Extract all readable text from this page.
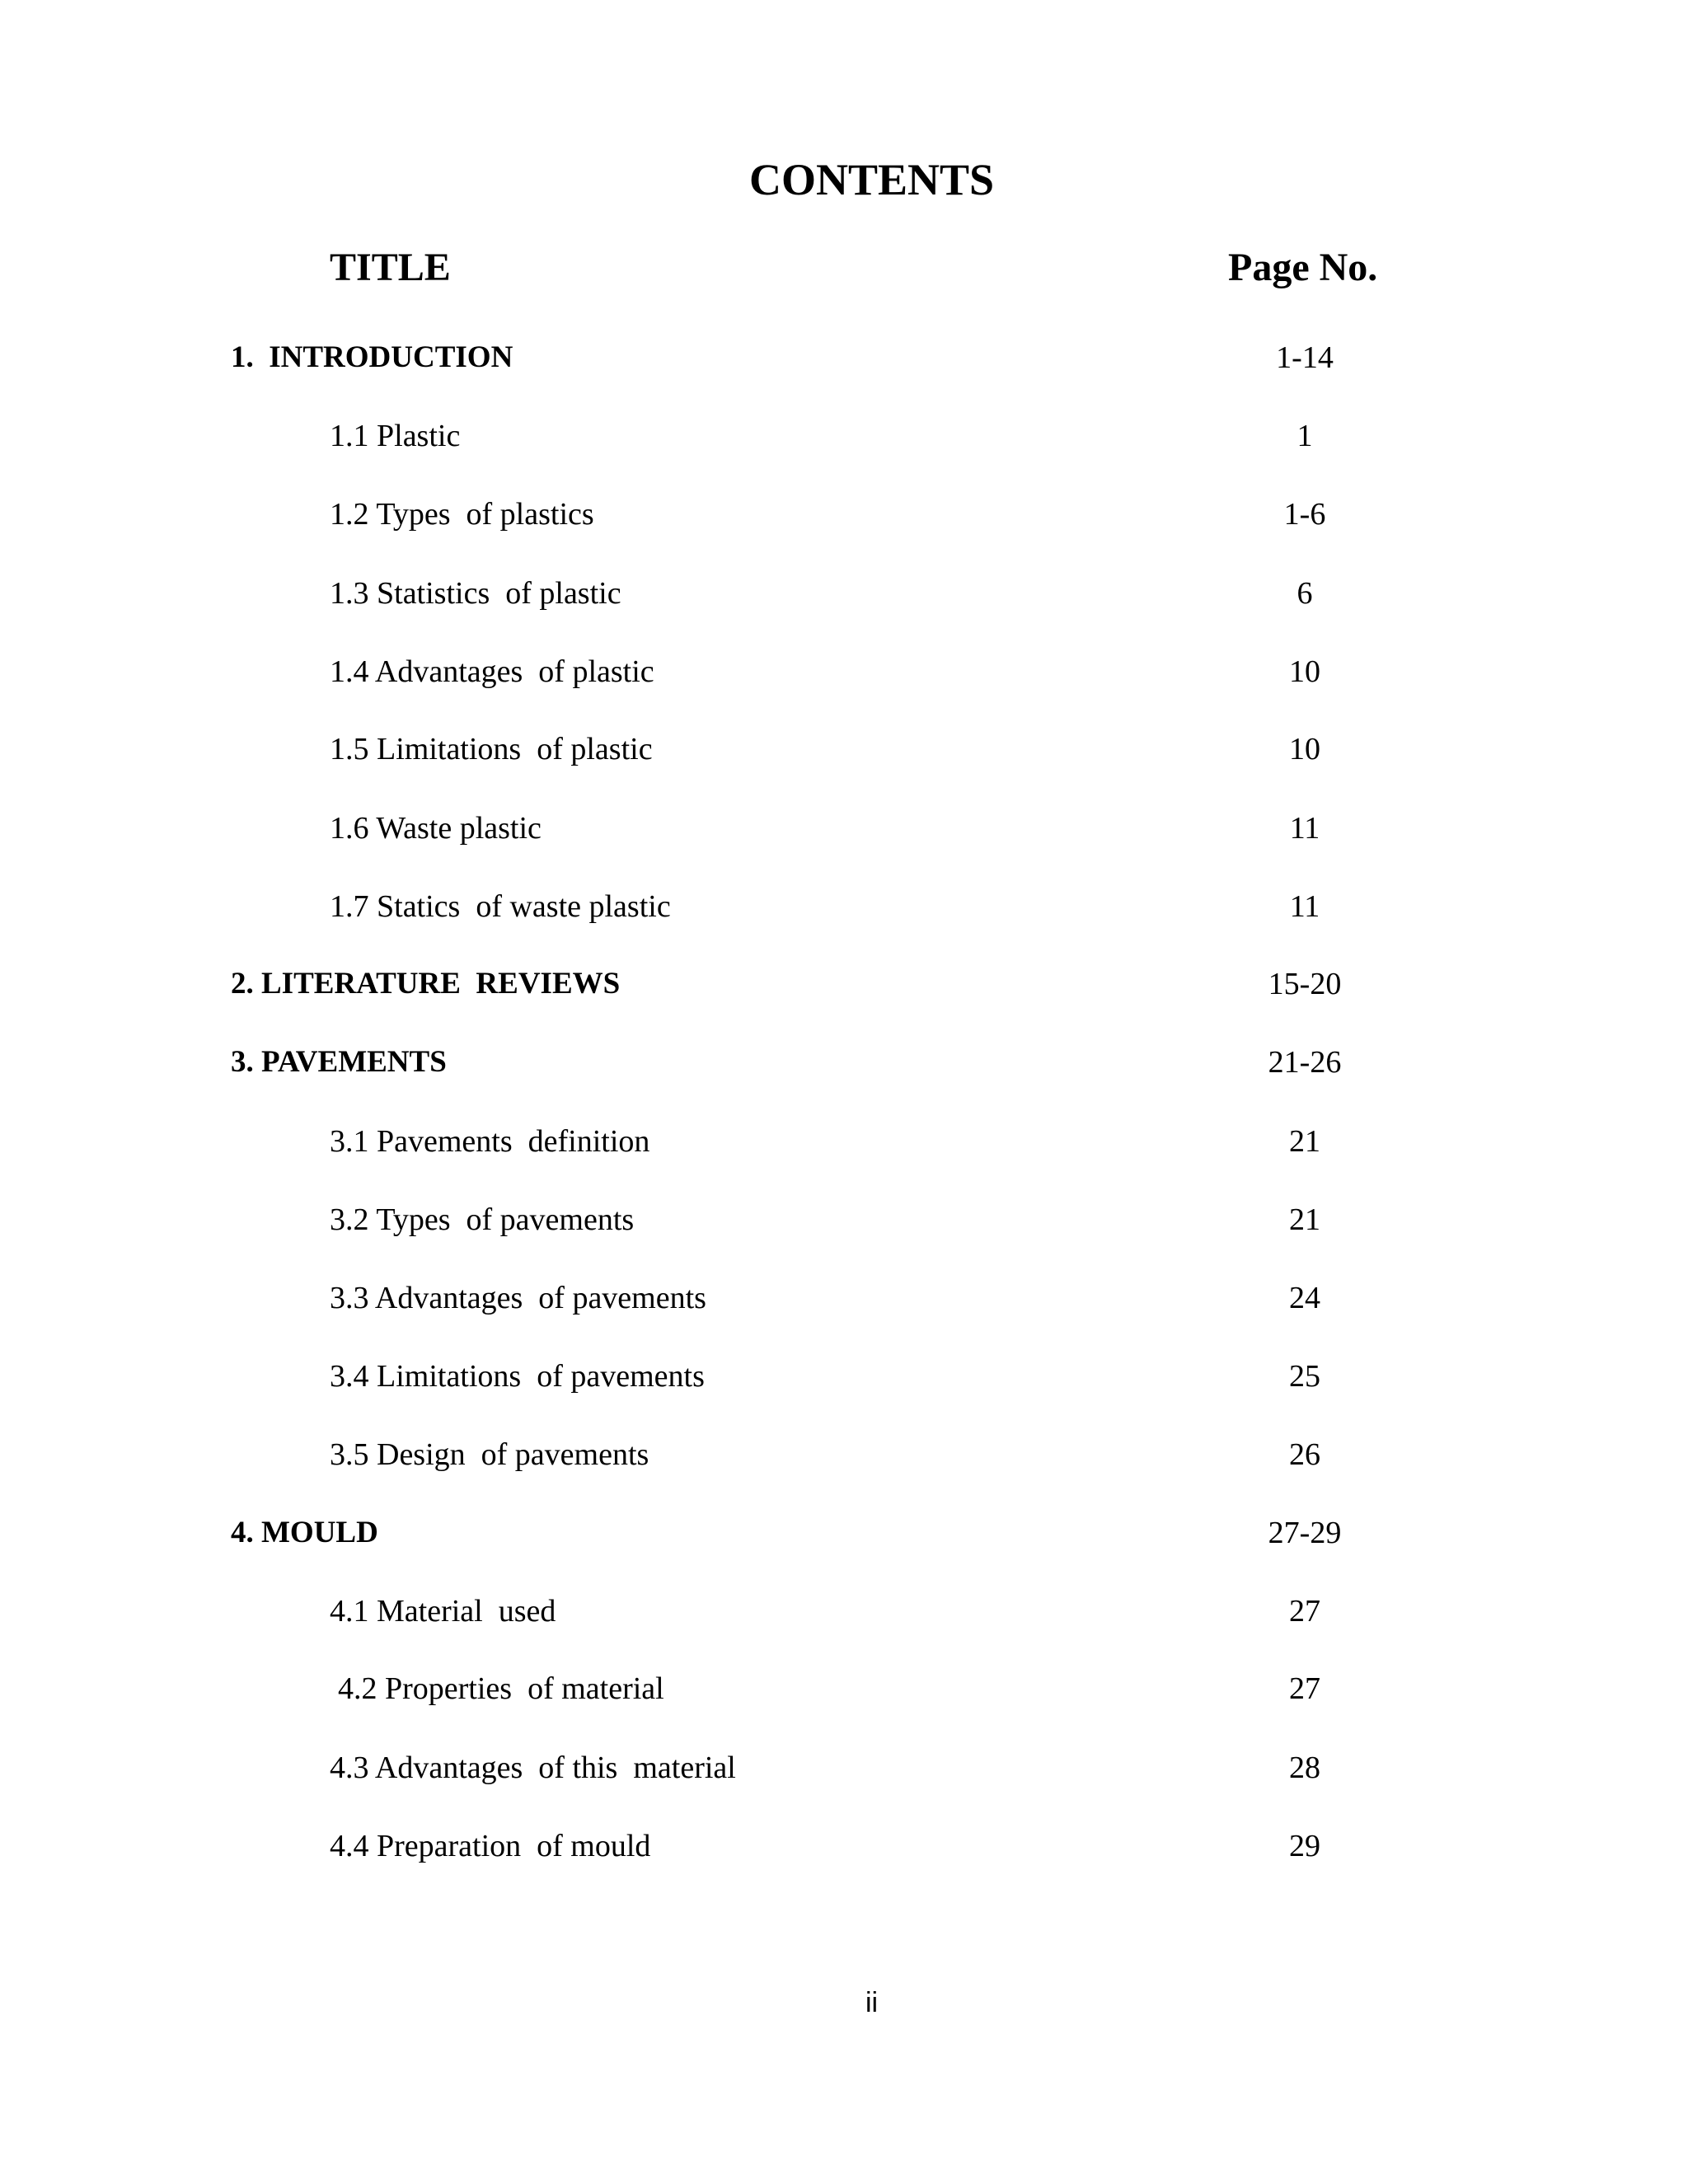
CONTENTS
TITLE	Page No.
1.  INTRODUCTION	1-14
1.1 Plastic	1
1.2 Types  of plastics	1-6
1.3 Statistics  of plastic	6
1.4 Advantages  of plastic	10
1.5 Limitations  of plastic	10
1.6 Waste plastic	11
1.7 Statics  of waste plastic	11
2. LITERATURE  REVIEWS	15-20
3. PAVEMENTS	21-26
3.1 Pavements  definition	21
3.2 Types  of pavements	21
3.3 Advantages  of pavements	24
3.4 Limitations  of pavements	25
3.5 Design  of pavements	26
4. MOULD	27-29
4.1 Material  used	27
4.2 Properties  of material	27
4.3 Advantages  of this  material	28
4.4 Preparation  of mould	29
ii
